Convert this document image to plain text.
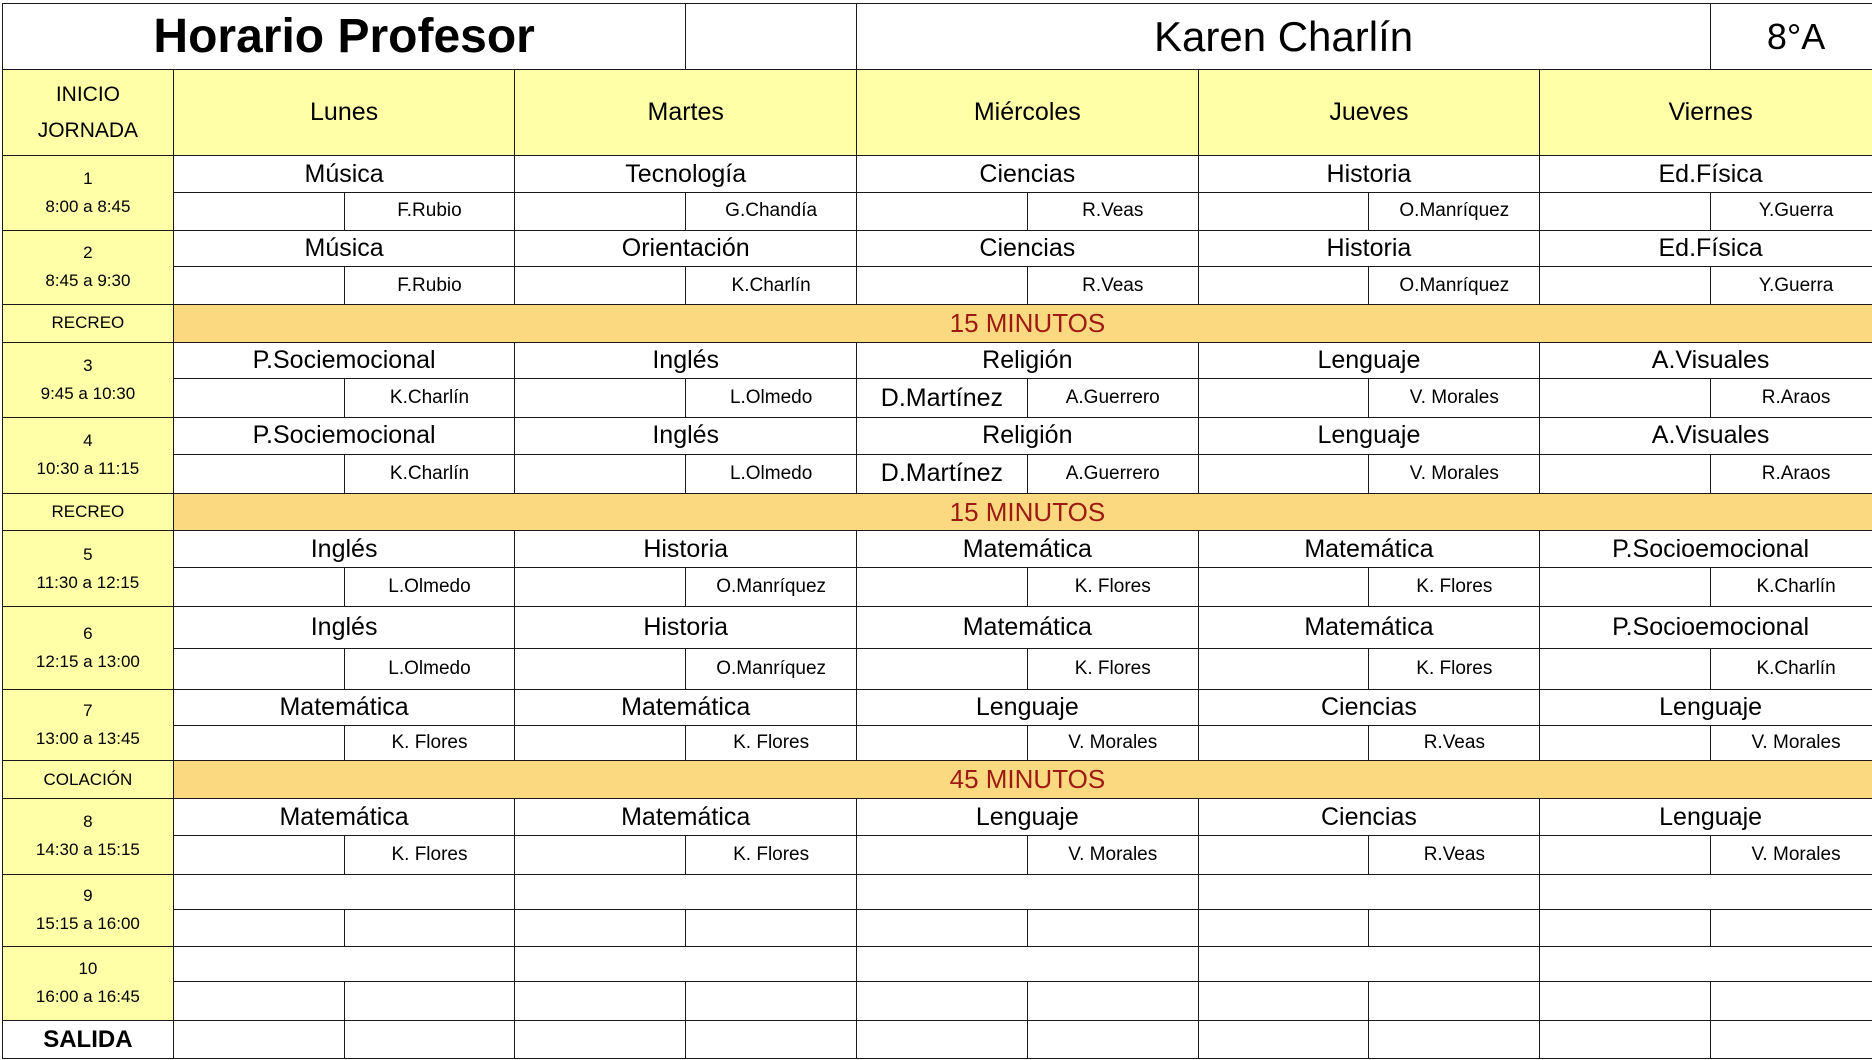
Horario Profesor					Karen Charlín					8°A
INICIO
JORNADA	Lunes		Martes		Miércoles		Jueves		Viernes	
1
8:00 a 8:45	Música		Tecnología		Ciencias		Historia		Ed.Física	
		F.Rubio		G.Chandía		R.Veas		O.Manríquez		Y.Guerra
2
8:45 a 9:30	Música		Orientación		Ciencias		Historia		Ed.Física	
		F.Rubio		K.Charlín		R.Veas		O.Manríquez		Y.Guerra
RECREO	15 MINUTOS									
3
9:45 a 10:30	P.Sociemocional		Inglés		Religión		Lenguaje		A.Visuales	
		K.Charlín		L.Olmedo	D.Martínez	A.Guerrero		V. Morales		R.Araos
4
10:30 a 11:15	P.Sociemocional		Inglés		Religión		Lenguaje		A.Visuales	
		K.Charlín		L.Olmedo	D.Martínez	A.Guerrero		V. Morales		R.Araos
RECREO	15 MINUTOS									
5
11:30 a 12:15	Inglés		Historia		Matemática		Matemática		P.Socioemocional	
		L.Olmedo		O.Manríquez		K. Flores		K. Flores		K.Charlín
6
12:15 a 13:00	Inglés		Historia		Matemática		Matemática		P.Socioemocional	
		L.Olmedo		O.Manríquez		K. Flores		K. Flores		K.Charlín
7
13:00 a 13:45	Matemática		Matemática		Lenguaje		Ciencias		Lenguaje	
		K. Flores		K. Flores		V. Morales		R.Veas		V. Morales
COLACIÓN	45 MINUTOS									
8
14:30 a 15:15	Matemática		Matemática		Lenguaje		Ciencias		Lenguaje	
		K. Flores		K. Flores		V. Morales		R.Veas		V. Morales
9
15:15 a 16:00										

10
16:00 a 16:45										

SALIDA										
